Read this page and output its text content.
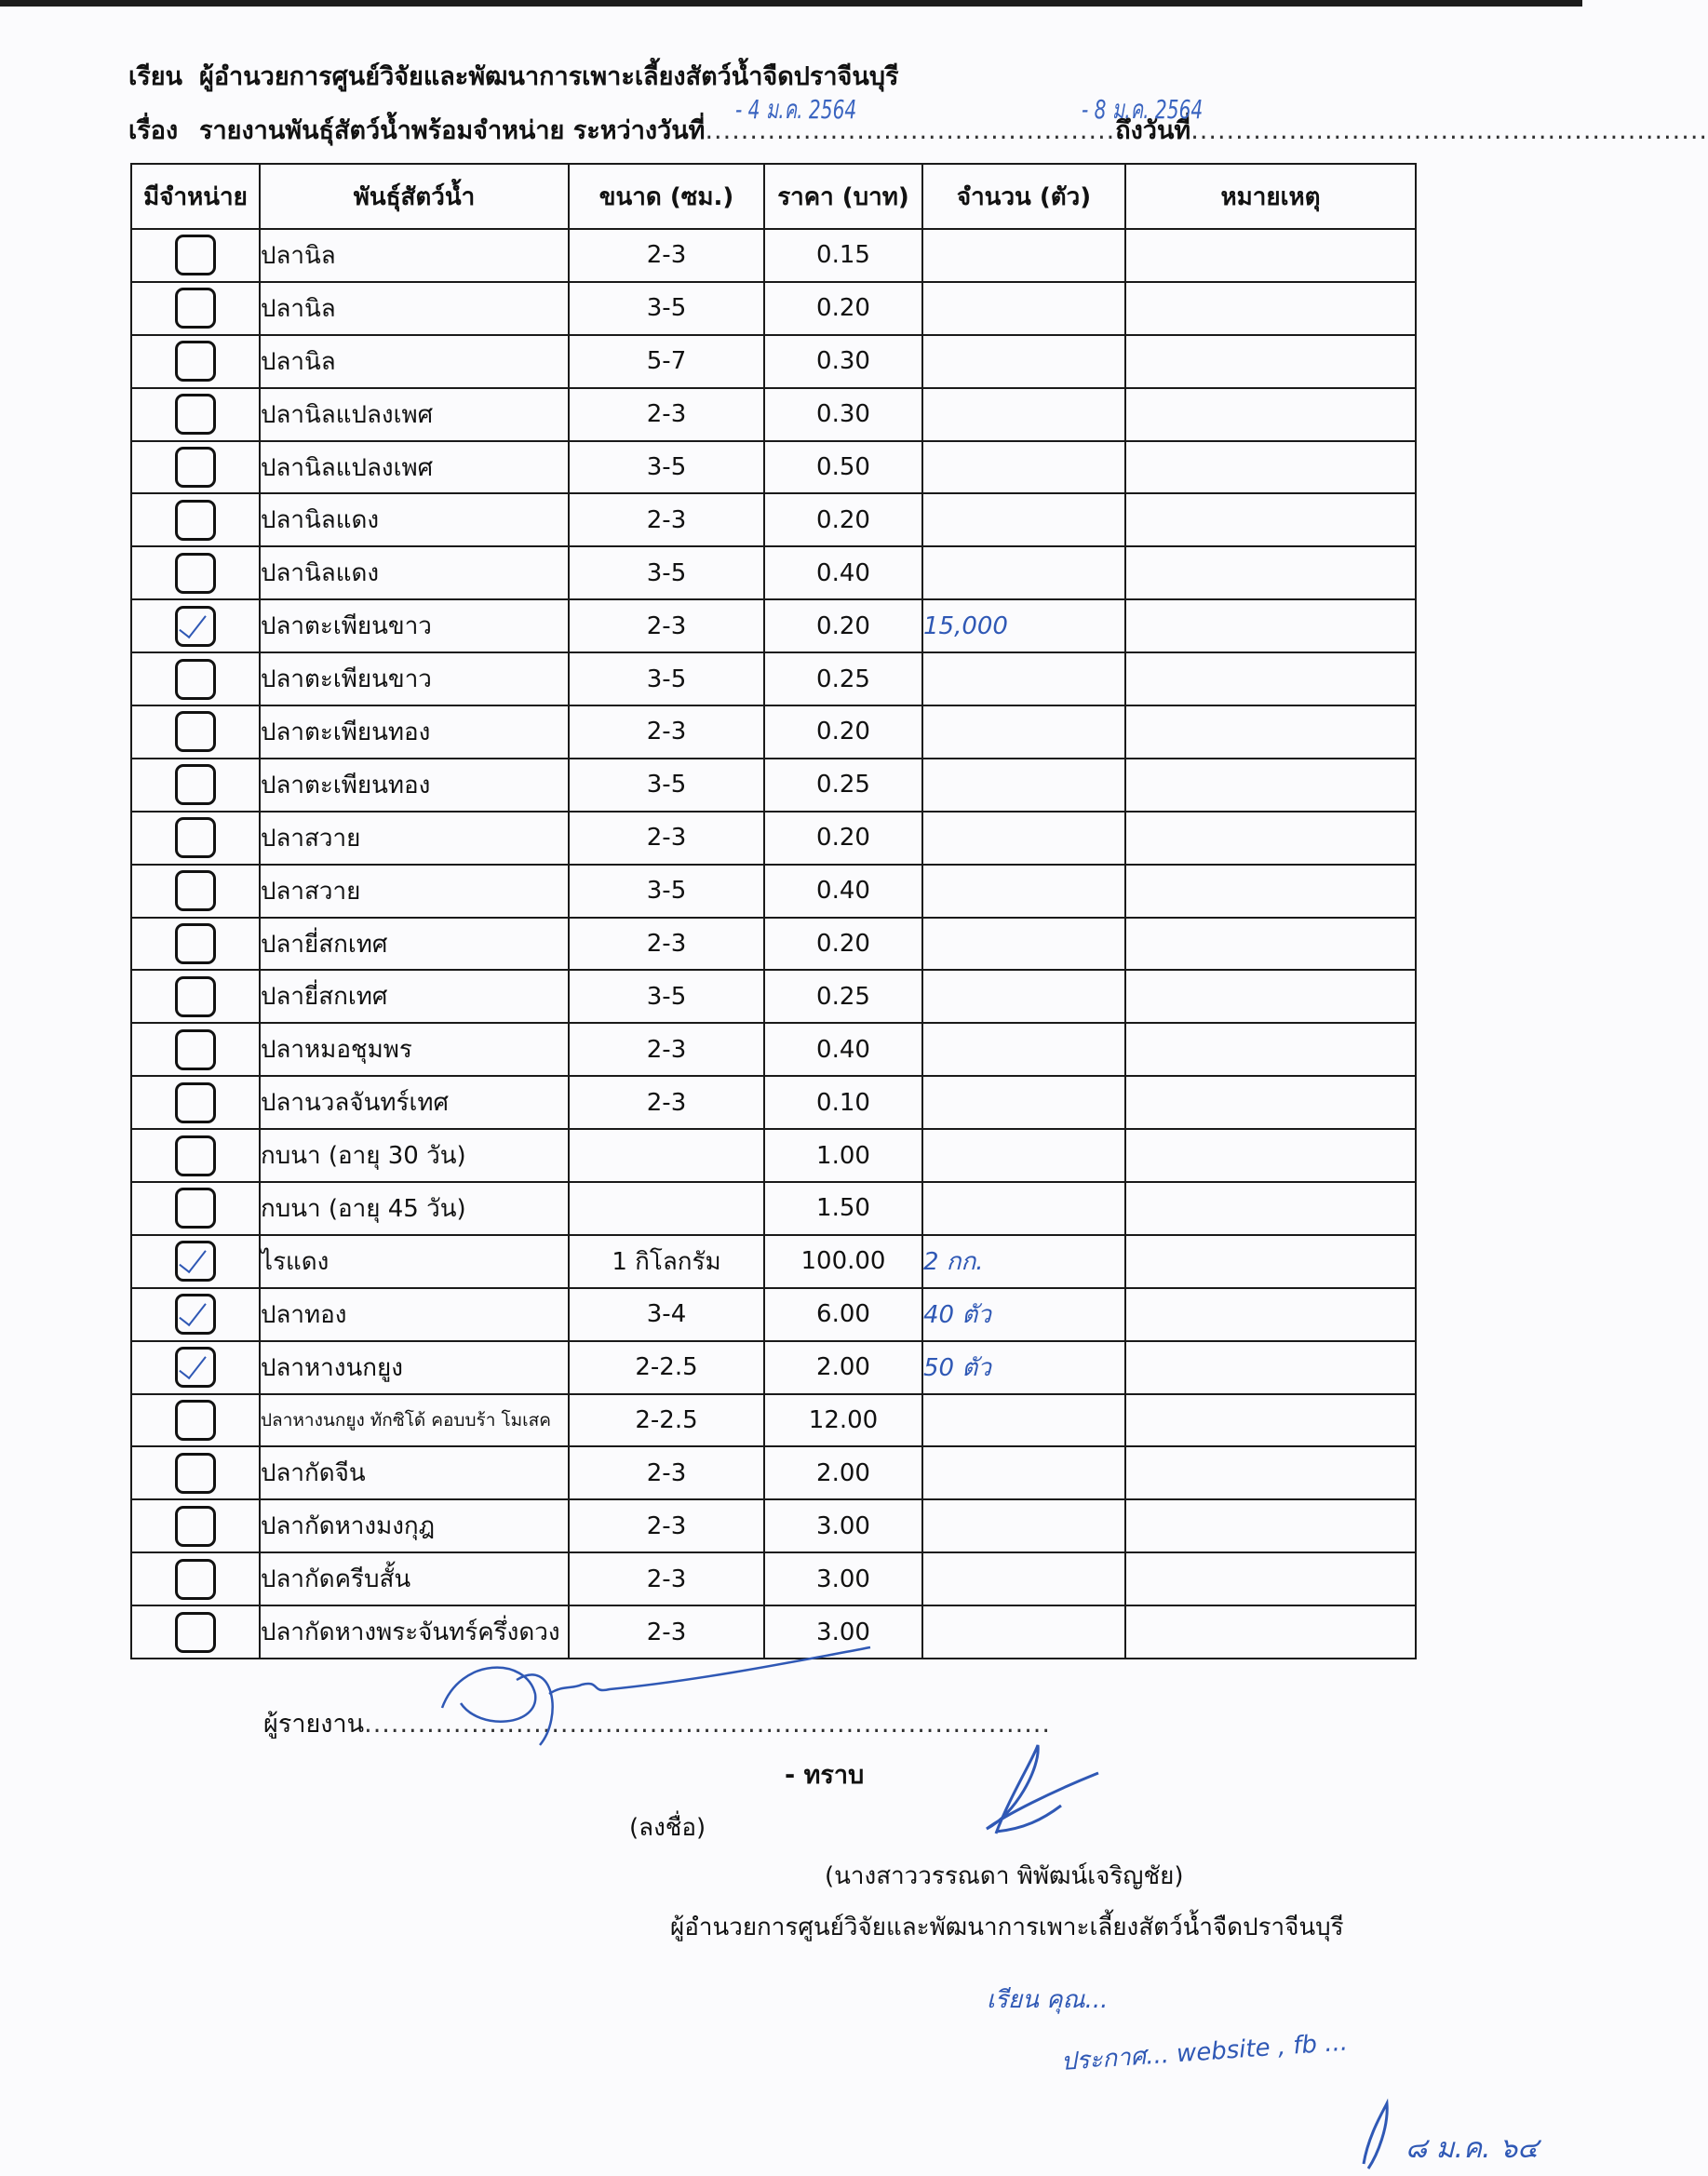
เรียน ผู้อำนวยการศูนย์วิจัยและพัฒนาการเพาะเลี้ยงสัตว์น้ำจืดปราจีนบุรี
เรื่อง รายงานพันธุ์สัตว์น้ำพร้อมจำหน่าย ระหว่างวันที่..............................................ถึงวันที่..........................................................
- 4 ม.ค. 2564	- 8 ม.ค. 2564
มีจำหน่าย	พันธุ์สัตว์น้ำ	ขนาด (ซม.)	ราคา (บาท)	จำนวน (ตัว)	หมายเหตุ
	ปลานิล	2-3	0.15		
	ปลานิล	3-5	0.20		
	ปลานิล	5-7	0.30		
	ปลานิลแปลงเพศ	2-3	0.30		
	ปลานิลแปลงเพศ	3-5	0.50		
	ปลานิลแดง	2-3	0.20		
	ปลานิลแดง	3-5	0.40		
	ปลาตะเพียนขาว	2-3	0.20	15,000	
	ปลาตะเพียนขาว	3-5	0.25		
	ปลาตะเพียนทอง	2-3	0.20		
	ปลาตะเพียนทอง	3-5	0.25		
	ปลาสวาย	2-3	0.20		
	ปลาสวาย	3-5	0.40		
	ปลายี่สกเทศ	2-3	0.20		
	ปลายี่สกเทศ	3-5	0.25		
	ปลาหมอชุมพร	2-3	0.40		
	ปลานวลจันทร์เทศ	2-3	0.10		
	กบนา (อายุ 30 วัน)		1.00		
	กบนา (อายุ 45 วัน)		1.50		
	ไรแดง	1 กิโลกรัม	100.00	2 กก.	
	ปลาทอง	3-4	6.00	40 ตัว	
	ปลาหางนกยูง	2-2.5	2.00	50 ตัว	
	ปลาหางนกยูง ทักซิโด้ คอบบร้า โมเสค	2-2.5	12.00		
	ปลากัดจีน	2-3	2.00		
	ปลากัดหางมงกุฎ	2-3	3.00		
	ปลากัดครีบสั้น	2-3	3.00		
	ปลากัดหางพระจันทร์ครึ่งดวง	2-3	3.00		
ผู้รายงาน.............................................................................
- ทราบ
(ลงชื่อ)
(นางสาววรรณดา พิพัฒน์เจริญชัย)
ผู้อำนวยการศูนย์วิจัยและพัฒนาการเพาะเลี้ยงสัตว์น้ำจืดปราจีนบุรี
เรียน คุณ...
ประกาศ... website , fb ...
๘ ม.ค. ๖๔
